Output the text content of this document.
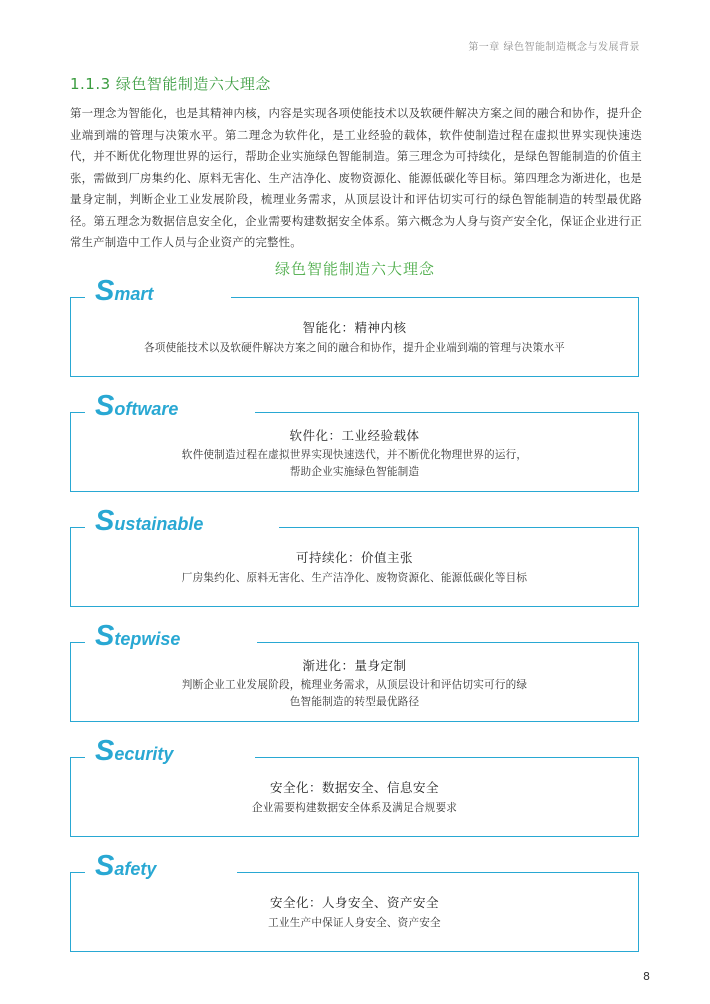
第一章 绿色智能制造概念与发展背景
1.1.3 绿色智能制造六大理念

第一理念为智能化，也是其精神内核，内容是实现各项使能技术以及软硬件解决方案之间的融合和协作，提升企业端到端的管理与决策水平。第二理念为软件化，是工业经验的载体，软件使制造过程在虚拟世界实现快速迭代，并不断优化物理世界的运行，帮助企业实施绿色智能制造。第三理念为可持续化，是绿色智能制造的价值主张，需做到厂房集约化、原料无害化、生产洁净化、废物资源化、能源低碳化等目标。第四理念为渐进化，也是量身定制，判断企业工业发展阶段，梳理业务需求，从顶层设计和评估切实可行的绿色智能制造的转型最优路径。第五理念为数据信息安全化，企业需要构建数据安全体系。第六概念为人身与资产安全化，保证企业进行正常生产制造中工作人员与企业资产的完整性。

绿色智能制造六大理念
Smart
智能化：精神内核
各项使能技术以及软硬件解决方案之间的融合和协作，提升企业端到端的管理与决策水平
Software
软件化：工业经验载体
软件使制造过程在虚拟世界实现快速迭代，并不断优化物理世界的运行，
帮助企业实施绿色智能制造
Sustainable
可持续化：价值主张
厂房集约化、原料无害化、生产洁净化、废物资源化、能源低碳化等目标
Stepwise
渐进化：量身定制
判断企业工业发展阶段，梳理业务需求，从顶层设计和评估切实可行的绿
色智能制造的转型最优路径
Security
安全化：数据安全、信息安全
企业需要构建数据安全体系及满足合规要求
Safety
安全化：人身安全、资产安全
工业生产中保证人身安全、资产安全
8
